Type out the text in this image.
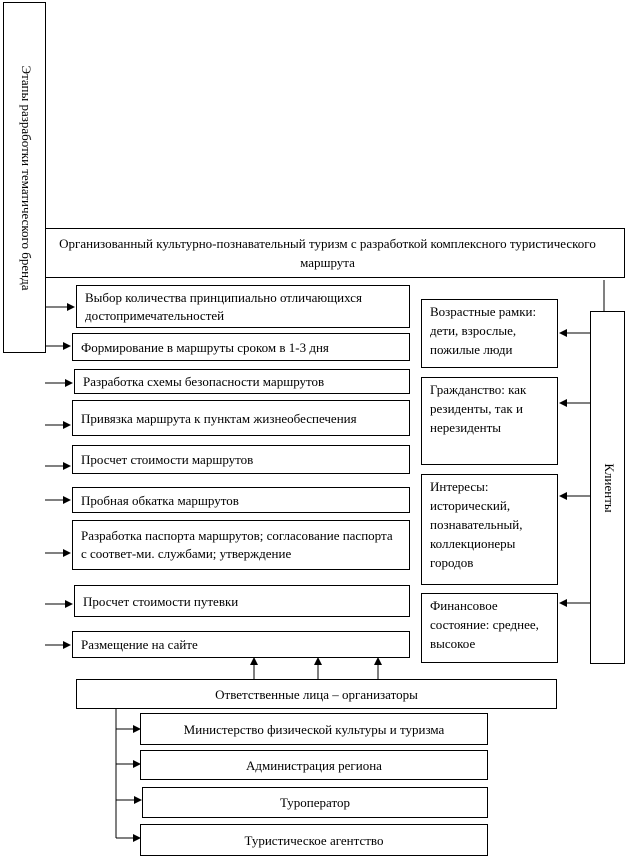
Организованный культурно-познавательный туризм с разработкой комплексного туристического маршрута
Этапы разработки тематического бренда
Выбор количества принципиально отличающихся достопримечательностей
Формирование в маршруты сроком в 1-3 дня
Разработка схемы безопасности маршрутов
Привязка маршрута к пунктам жизнеобеспечения
Просчет стоимости маршрутов
Пробная обкатка маршрутов
Разработка паспорта маршрутов; согласование паспорта с соответ-ми. службами; утверждение
Просчет стоимости путевки
Размещение на сайте
Клиенты
Возрастные рамки: дети, взрослые, пожилые люди
Гражданство: как резиденты, так и нерезиденты
Интересы: исторический, познавательный, коллекционеры городов
Финансовое состояние: среднее, высокое
Ответственные лица – организаторы
Министерство физической культуры и туризма
Администрация региона
Туроператор
Туристическое агентство
